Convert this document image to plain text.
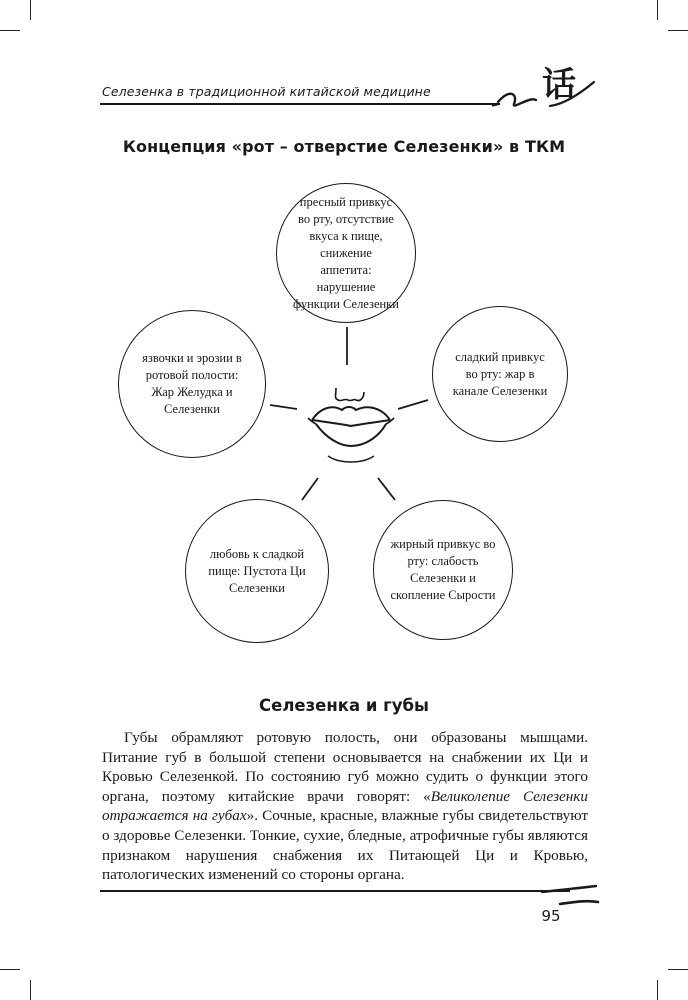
Селезенка в традиционной китайской медицине	话
Концепция «рот – отверстие Селезенки» в ТКМ
пресный привкус во рту, отсутствие вкуса к пище, снижение аппетита: нарушение функции Селезенки
язвочки и эрозии в ротовой полости: Жар Желудка и Селезенки
сладкий привкус во рту: жар в канале Селезенки
любовь к сладкой пище: Пустота Ци Селезенки
жирный привкус во рту: слабость Селезенки и скопление Сырости
Селезенка и губы

Губы обрамляют ротовую полость, они образованы мышцами. Питание губ в большой степени основывается на снабжении их Ци и Кровью Селезенкой. По состоянию губ можно судить о функции этого органа, поэтому китайские врачи говорят: «Великолепие Селезенки отражается на губах». Сочные, красные, влажные губы свидетельствуют о здоровье Селезенки. Тонкие, сухие, бледные, атрофичные губы являются признаком нарушения снабжения их Питающей Ци и Кровью, патологических изменений со стороны органа.

95
